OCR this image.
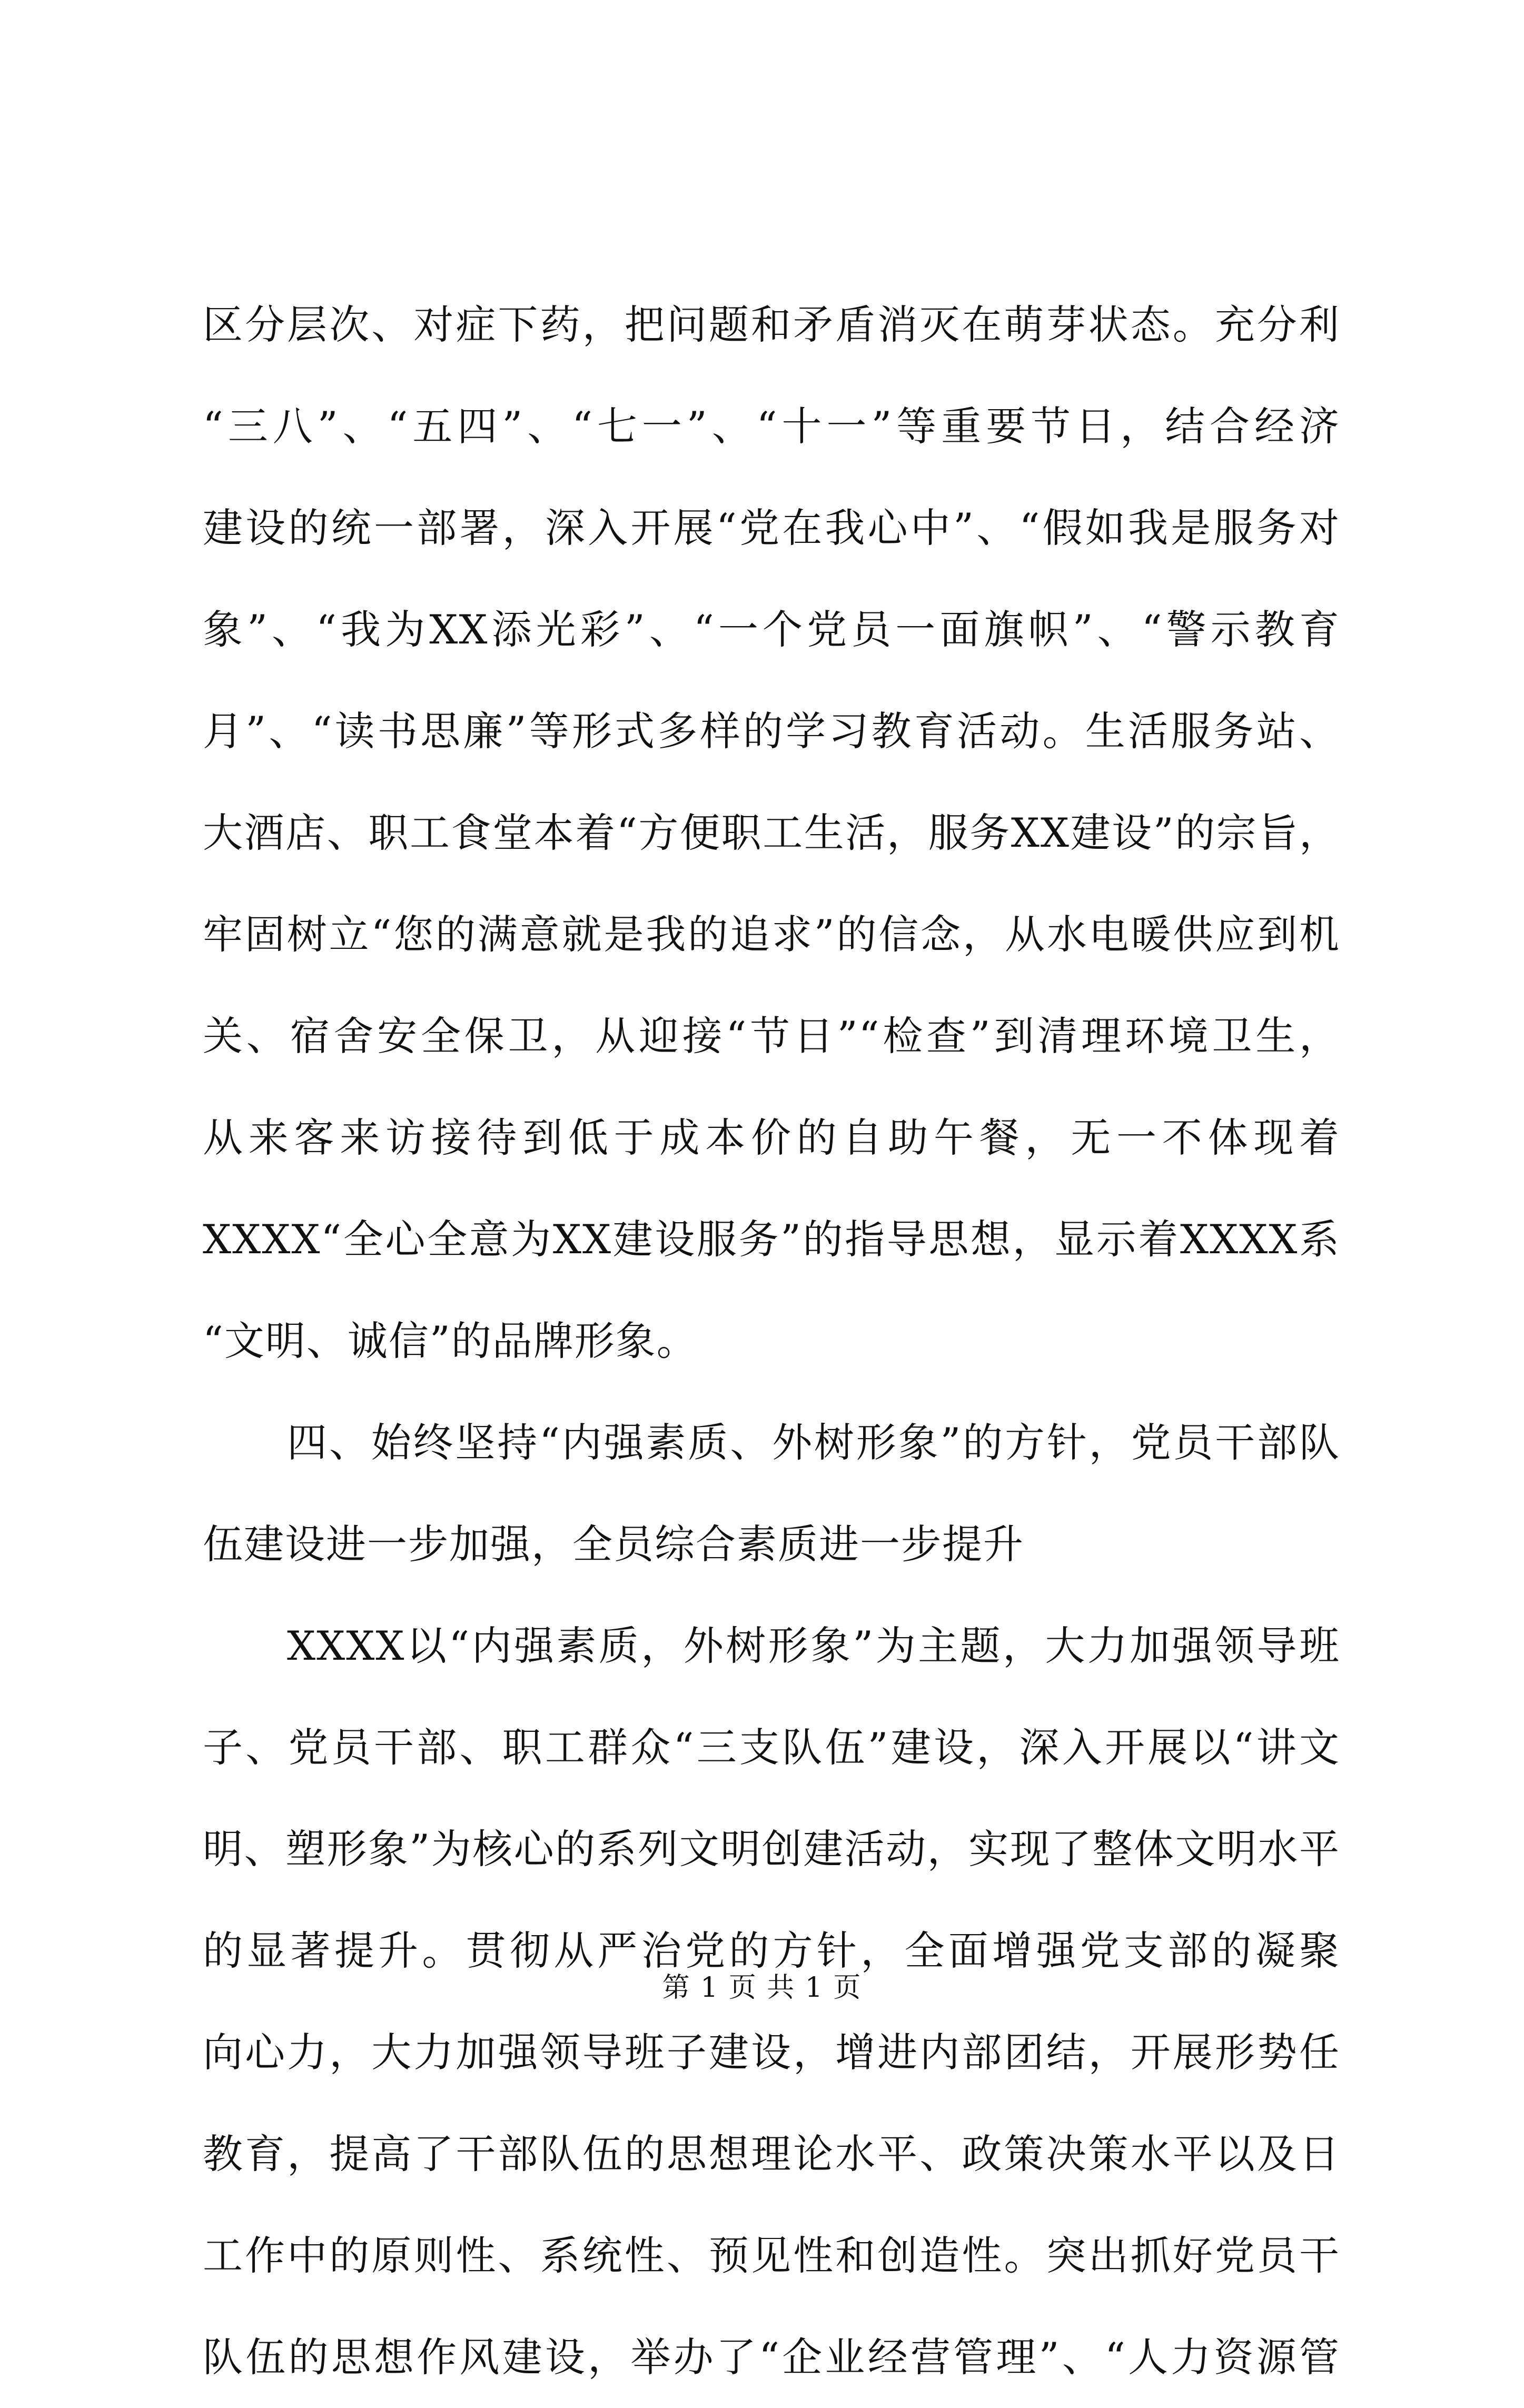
区分层次、对症下药，把问题和矛盾消灭在萌芽状态。充分利
“三八”、“五四”、“七一”、“十一”等重要节日，结合经济
建设的统一部署，深入开展“党在我心中”、“假如我是服务对
象”、“我为XX添光彩”、“一个党员一面旗帜”、“警示教育
月”、“读书思廉”等形式多样的学习教育活动。生活服务站、
大酒店、职工食堂本着“方便职工生活，服务XX建设”的宗旨，
牢固树立“您的满意就是我的追求”的信念，从水电暖供应到机
关、宿舍安全保卫，从迎接“节日”“检查”到清理环境卫生，
从来客来访接待到低于成本价的自助午餐，无一不体现着
XXXX“全心全意为XX建设服务”的指导思想，显示着XXXX系
“文明、诚信”的品牌形象。
四、始终坚持“内强素质、外树形象”的方针，党员干部队
伍建设进一步加强，全员综合素质进一步提升
XXXX以“内强素质，外树形象”为主题，大力加强领导班
子、党员干部、职工群众“三支队伍”建设，深入开展以“讲文
明、塑形象”为核心的系列文明创建活动，实现了整体文明水平
的显著提升。贯彻从严治党的方针，全面增强党支部的凝聚
向心力，大力加强领导班子建设，增进内部团结，开展形势任
教育，提高了干部队伍的思想理论水平、政策决策水平以及日
工作中的原则性、系统性、预见性和创造性。突出抓好党员干
队伍的思想作风建设，举办了“企业经营管理”、“人力资源管
第 1 页 共 1 页
